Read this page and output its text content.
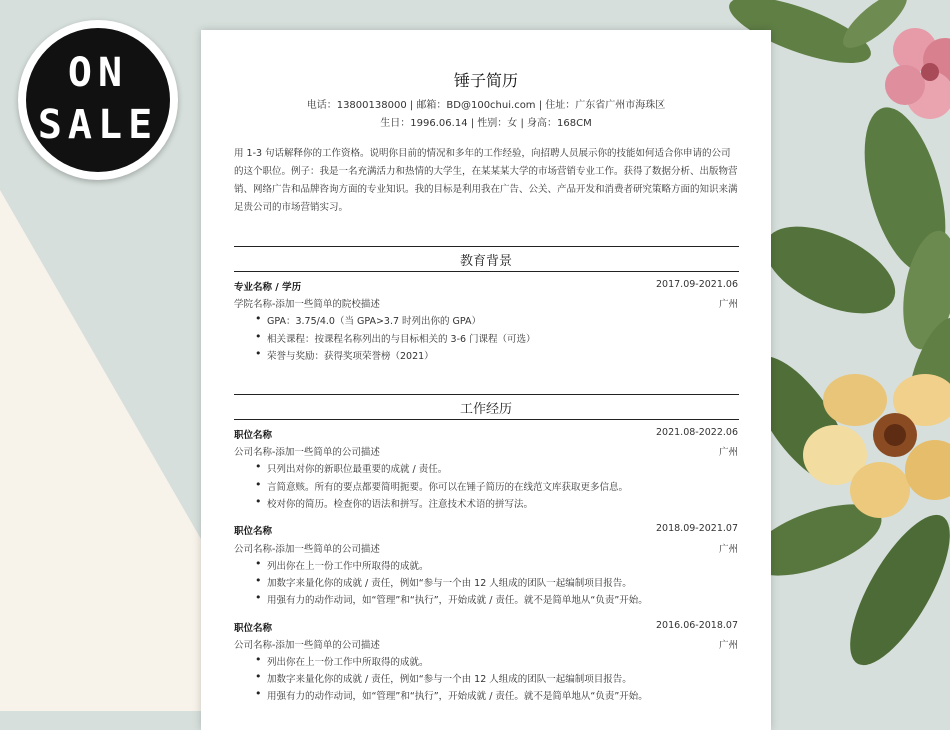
ON
SALE
锤子简历
电话：13800138000 | 邮箱：BD@100chui.com | 住址：广东省广州市海珠区
生日：1996.06.14 | 性别：女 | 身高：168CM
用 1-3 句话解释你的工作资格。说明你目前的情况和多年的工作经验，向招聘人员展示你的技能如何适合你申请的公司的这个职位。例子：我是一名充满活力和热情的大学生，在某某某大学的市场营销专业工作。获得了数据分析、出版物营销、网络广告和品牌咨询方面的专业知识。我的目标是利用我在广告、公关、产品开发和消费者研究策略方面的知识来满足贵公司的市场营销实习。
教育背景
专业名称 / 学历	2017.09-2021.06
学院名称-添加一些简单的院校描述	广州
• GPA：3.75/4.0（当 GPA>3.7 时列出你的 GPA）
• 相关课程：按课程名称列出的与目标相关的 3-6 门课程（可选）
• 荣誉与奖励：获得奖项荣誉榜（2021）
工作经历
职位名称	2021.08-2022.06
公司名称-添加一些简单的公司描述	广州
• 只列出对你的新职位最重要的成就 / 责任。
• 言简意赅。所有的要点都要简明扼要。你可以在锤子简历的在线范文库获取更多信息。
• 校对你的简历。检查你的语法和拼写。注意技术术语的拼写法。
职位名称	2018.09-2021.07
公司名称-添加一些简单的公司描述	广州
• 列出你在上一份工作中所取得的成就。
• 加数字来量化你的成就 / 责任，例如“参与一个由 12 人组成的团队一起编制项目报告。
• 用强有力的动作动词，如“管理”和“执行”，开始成就 / 责任。就不是简单地从“负责”开始。
职位名称	2016.06-2018.07
公司名称-添加一些简单的公司描述	广州
• 列出你在上一份工作中所取得的成就。
• 加数字来量化你的成就 / 责任，例如“参与一个由 12 人组成的团队一起编制项目报告。
• 用强有力的动作动词，如“管理”和“执行”，开始成就 / 责任。就不是简单地从“负责”开始。
